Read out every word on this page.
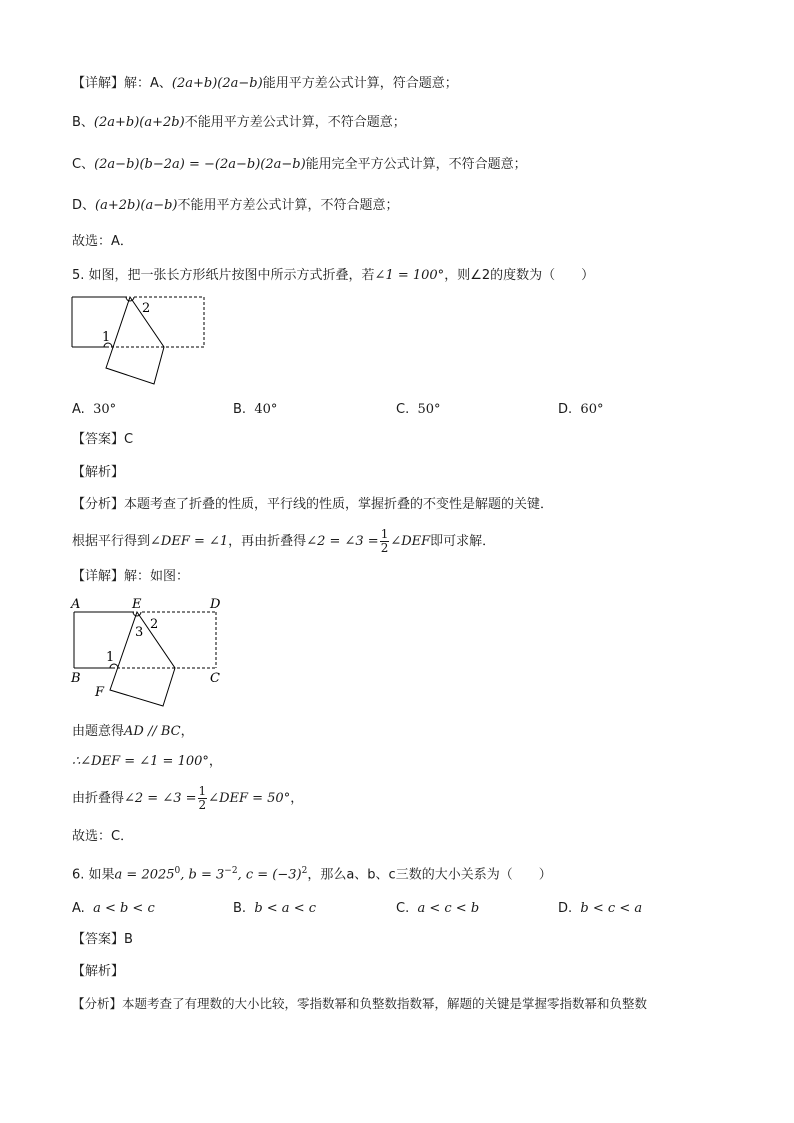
【详解】解：A、(2a+b)(2a−b)能用平方差公式计算，符合题意；
B、(2a+b)(a+2b)不能用平方差公式计算，不符合题意；
C、(2a−b)(b−2a) = −(2a−b)(2a−b)能用完全平方公式计算，不符合题意；
D、(a+2b)(a−b)不能用平方差公式计算，不符合题意；
故选：A．
5. 如图，把一张长方形纸片按图中所示方式折叠，若∠1 = 100°，则∠2的度数为（　　）
1
2
A. 30°	B. 40°	C. 50°	D. 60°
【答案】C
【解析】
【分析】本题考查了折叠的性质，平行线的性质，掌握折叠的不变性是解题的关键．
根据平行得到∠DEF = ∠1，再由折叠得∠2 = ∠3 = $\frac{1}{2}$ ∠DEF即可求解．
【详解】解：如图：
A	E	D
B	C
F
1
2
3
由题意得AD // BC，
∴∠DEF = ∠1 = 100°，
由折叠得∠2 = ∠3 = $\frac{1}{2}$ ∠DEF = 50°，
故选：C．
6. 如果$a = 2025^0$, $b = 3^{-2}$, $c = (-3)^2$，那么a、b、c三数的大小关系为（　　）
A. a < b < c	B. b < a < c	C. a < c < b	D. b < c < a
【答案】B
【解析】
【分析】本题考查了有理数的大小比较，零指数幂和负整数指数幂，解题的关键是掌握零指数幂和负整数
